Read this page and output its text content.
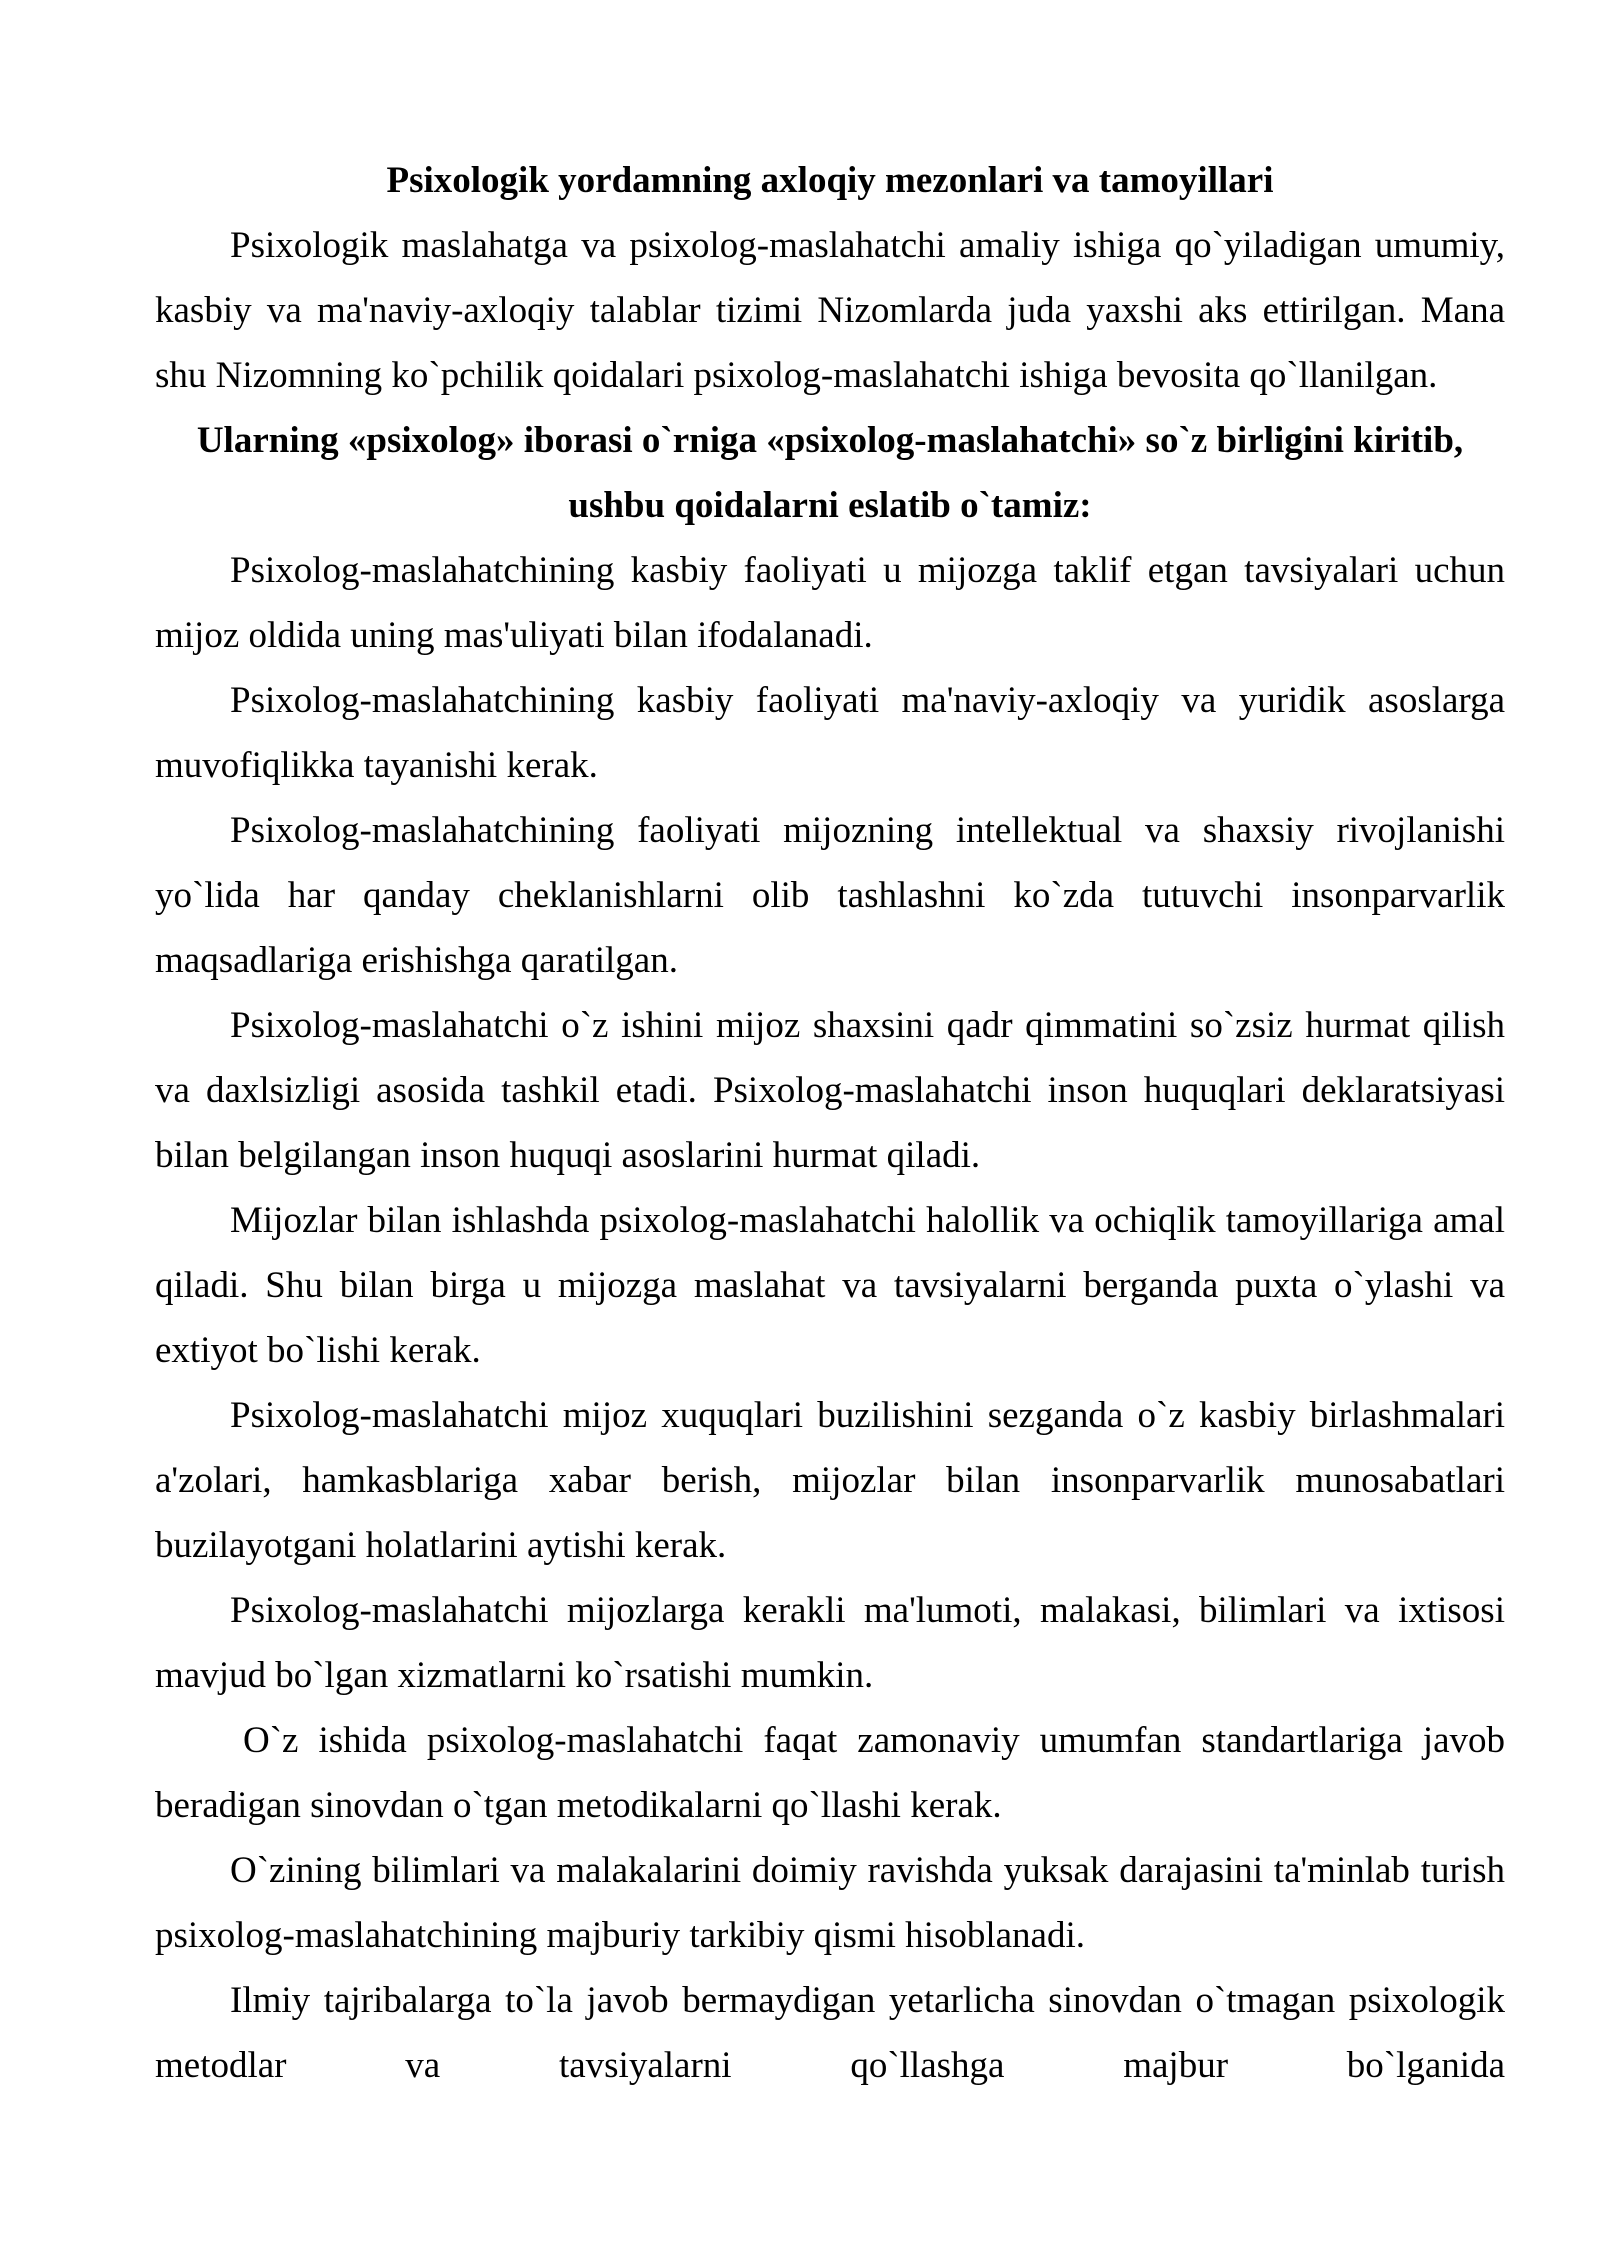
Psixologik yordamning axloqiy mezonlari va tamoyillari

Psixologik maslahatga va psixolog-maslahatchi amaliy ishiga qo`yiladigan umumiy, kasbiy va ma'naviy-axloqiy talablar tizimi Nizomlarda juda yaxshi aks ettirilgan. Mana shu Nizomning ko`pchilik qoidalari psixolog-maslahatchi ishiga bevosita qo`llanilgan.

Ularning «psixolog» iborasi o`rniga «psixolog-maslahatchi» so`z birligini kiritib,

ushbu qoidalarni eslatib o`tamiz:

Psixolog-maslahatchining kasbiy faoliyati u mijozga taklif etgan tavsiyalari uchun mijoz oldida uning mas'uliyati bilan ifodalanadi.

Psixolog-maslahatchining kasbiy faoliyati ma'naviy-axloqiy va yuridik asoslarga muvofiqlikka tayanishi kerak.

Psixolog-maslahatchining faoliyati mijozning intellektual va shaxsiy rivojlanishi yo`lida har qanday cheklanishlarni olib tashlashni ko`zda tutuvchi insonparvarlik maqsadlariga erishishga qaratilgan.

Psixolog-maslahatchi o`z ishini mijoz shaxsini qadr qimmatini so`zsiz hurmat qilish va daxlsizligi asosida tashkil etadi. Psixolog-maslahatchi inson huquqlari deklaratsiyasi bilan belgilangan inson huquqi asoslarini hurmat qiladi.

Mijozlar bilan ishlashda psixolog-maslahatchi halollik va ochiqlik tamoyillariga amal qiladi. Shu bilan birga u mijozga maslahat va tavsiyalarni berganda puxta o`ylashi va extiyot bo`lishi kerak.

Psixolog-maslahatchi mijoz xuquqlari buzilishini sezganda o`z kasbiy birlashmalari a'zolari, hamkasblariga xabar berish, mijozlar bilan insonparvarlik munosabatlari buzilayotgani holatlarini aytishi kerak.

Psixolog-maslahatchi mijozlarga kerakli ma'lumoti, malakasi, bilimlari va ixtisosi mavjud bo`lgan xizmatlarni ko`rsatishi mumkin.

O`z ishida psixolog-maslahatchi faqat zamonaviy umumfan standartlariga javob beradigan sinovdan o`tgan metodikalarni qo`llashi kerak.

O`zining bilimlari va malakalarini doimiy ravishda yuksak darajasini ta'minlab turish psixolog-maslahatchining majburiy tarkibiy qismi hisoblanadi.

Ilmiy tajribalarga to`la javob bermaydigan yetarlicha sinovdan o`tmagan psixologik metodlar va tavsiyalarni qo`llashga majbur bo`lganida
